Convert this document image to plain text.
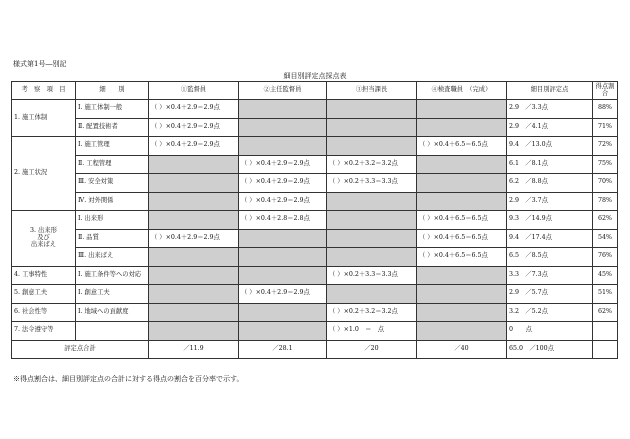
様式第1号―別記
細目別評定点採点表
考　察　項　目	細　　別	①監督員	②主任監督員	③担当課長	④検査職員　（完成）	細目別評定点	得点割合
1. 施工体制	Ⅰ. 施工体制一般	（ ）×0.4＋2.9＝2.9点				2.9　／3.3点	88%
	Ⅱ. 配置技術者	（ ）×0.4＋2.9＝2.9点				2.9　／4.1点	71%
2. 施工状況	Ⅰ. 施工管理	（ ）×0.4＋2.9＝2.9点			（ ）×0.4＋6.5＝6.5点	9.4　／13.0点	72%
	Ⅱ. 工程管理		（ ）×0.4＋2.9＝2.9点	（ ）×0.2＋3.2＝3.2点		6.1　／8.1点	75%
	Ⅲ. 安全対策		（ ）×0.4＋2.9＝2.9点	（ ）×0.2＋3.3＝3.3点		6.2　／8.8点	70%
	Ⅳ. 対外関係		（ ）×0.4＋2.9＝2.9点			2.9　／3.7点	78%
3. 出来形
及び
出来ばえ	Ⅰ. 出来形		（ ）×0.4＋2.8＝2.8点		（ ）×0.4＋6.5＝6.5点	9.3　／14.9点	62%
	Ⅱ. 品質	（ ）×0.4＋2.9＝2.9点			（ ）×0.4＋6.5＝6.5点	9.4　／17.4点	54%
	Ⅲ. 出来ばえ				（ ）×0.4＋6.5＝6.5点	6.5　／8.5点	76%
4. 工事特性	Ⅰ. 施工条件等への対応			（ ）×0.2＋3.3＝3.3点		3.3　／7.3点	45%
5. 創意工夫	Ⅰ. 創意工夫		（ ）×0.4＋2.9＝2.9点			2.9　／5.7点	51%
6. 社会性等	Ⅰ. 地域への貢献度			（ ）×0.2＋3.2＝3.2点		3.2　／5.2点	62%
7. 法令遵守等				（ ）×1.0　＝　点		0　　点	
評定点合計		／11.9	／28.1	／20	／40	65.0　／100点	
※得点割合は、細目別評定点の合計に対する得点の割合を百分率で示す。
